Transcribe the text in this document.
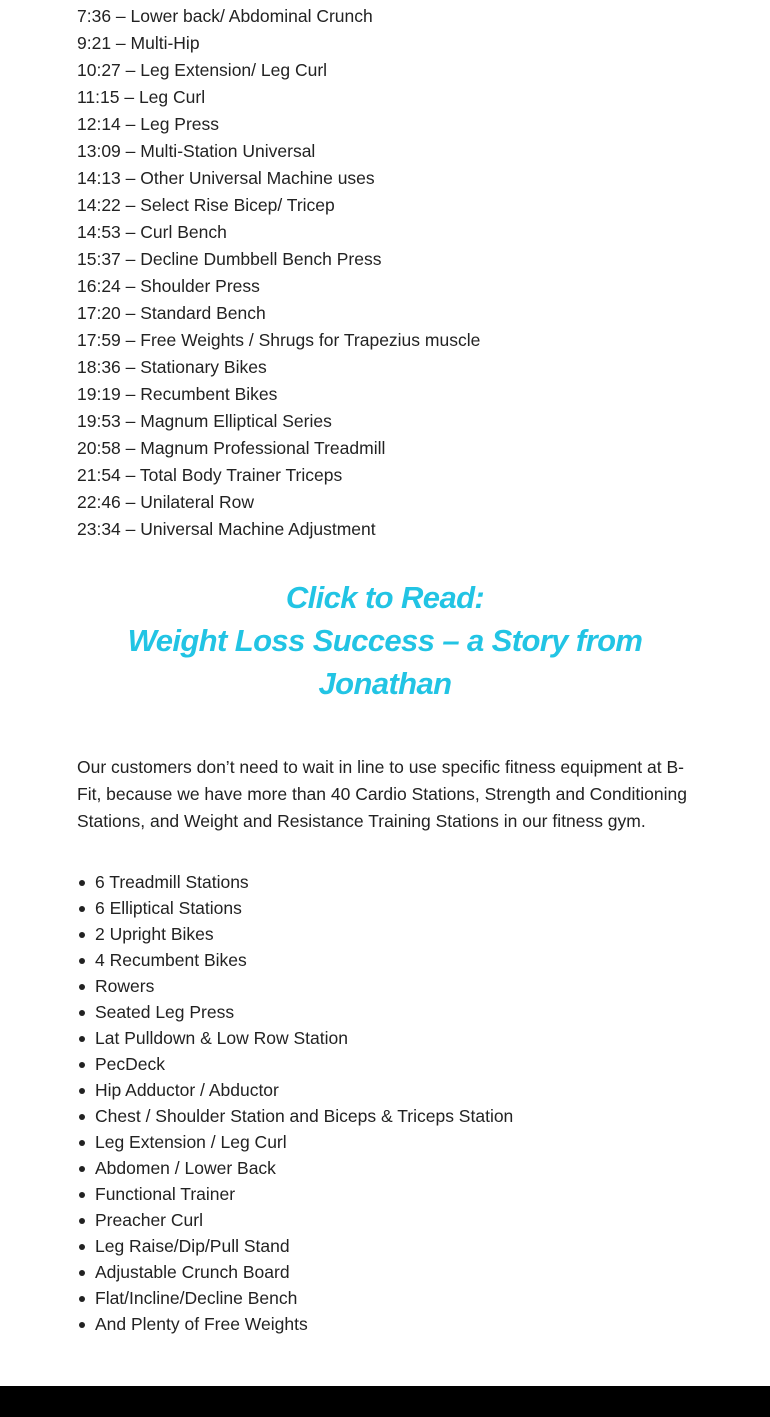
7:36 – Lower back/ Abdominal Crunch
9:21 – Multi-Hip
10:27 – Leg Extension/ Leg Curl
11:15 – Leg Curl
12:14 – Leg Press
13:09 – Multi-Station Universal
14:13 – Other Universal Machine uses
14:22 – Select Rise Bicep/ Tricep
14:53 – Curl Bench
15:37 – Decline Dumbbell Bench Press
16:24 – Shoulder Press
17:20 – Standard Bench
17:59 – Free Weights / Shrugs for Trapezius muscle
18:36 – Stationary Bikes
19:19 – Recumbent Bikes
19:53 – Magnum Elliptical Series
20:58 – Magnum Professional Treadmill
21:54 – Total Body Trainer Triceps
22:46 – Unilateral Row
23:34 – Universal Machine Adjustment
Click to Read:
Weight Loss Success – a Story from Jonathan

Our customers don’t need to wait in line to use specific fitness equipment at B-Fit, because we have more than 40 Cardio Stations, Strength and Conditioning Stations, and Weight and Resistance Training Stations in our fitness gym.

6 Treadmill Stations
6 Elliptical Stations
2 Upright Bikes
4 Recumbent Bikes
Rowers
Seated Leg Press
Lat Pulldown & Low Row Station
PecDeck
Hip Adductor / Abductor
Chest / Shoulder Station and Biceps & Triceps Station
Leg Extension / Leg Curl
Abdomen / Lower Back
Functional Trainer
Preacher Curl
Leg Raise/Dip/Pull Stand
Adjustable Crunch Board
Flat/Incline/Decline Bench
And Plenty of Free Weights
